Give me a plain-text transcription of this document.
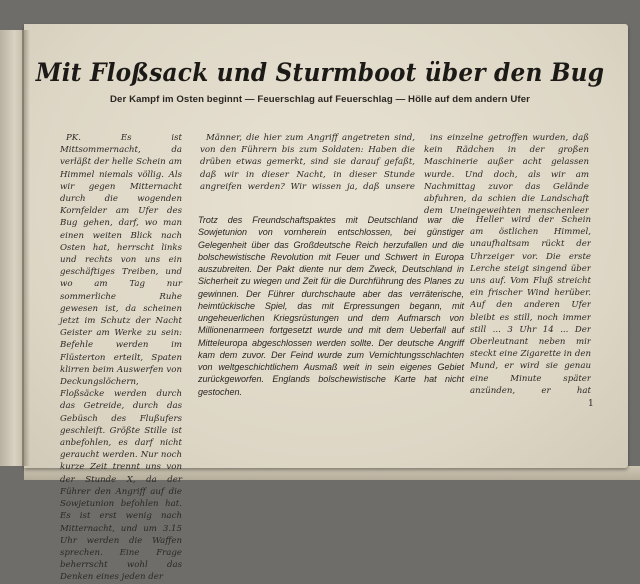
Mit Floßsack und Sturmboot über den Bug
Der Kampf im Osten beginnt — Feuerschlag auf Feuerschlag — Hölle auf dem andern Ufer

PK. Es ist Mittsommernacht, da verläßt der helle Schein am Himmel niemals völlig. Als wir gegen Mitternacht durch die wogenden Kornfelder am Ufer des Bug gehen, darf, wo man einen weiten Blick nach Osten hat, herrscht links und rechts von uns ein geschäftiges Treiben, und wo am Tag nur sommerliche Ruhe gewesen ist, da scheinen jetzt im Schutz der Nacht Geister am Werke zu sein: Befehle werden im Flüsterton erteilt, Spaten klirren beim Auswerfen von Deckungslöchern, Floßsäcke werden durch das Getreide, durch das Gebüsch des Flußufers geschleift. Größte Stille ist anbefohlen, es darf nicht geraucht werden. Nur noch kurze Zeit trennt uns von der Stunde X, da der Führer den Angriff auf die Sowjetunion befohlen hat. Es ist erst wenig nach Mitternacht, und um 3.15 Uhr werden die Waffen sprechen. Eine Frage beherrscht wohl das Denken eines jeden der

Männer, die hier zum Angriff angetreten sind, von den Führern bis zum Soldaten: Haben die drüben etwas gemerkt, sind sie darauf gefaßt, daß wir in dieser Nacht, in dieser Stunde angreifen werden? Wir wissen ja, daß unsere

ins einzelne getroffen wurden, daß kein Rädchen in der großen Maschinerie außer acht gelassen wurde. Und doch, als wir am Nachmittag zuvor das Gelände abfuhren, da schien die Landschaft dem Uneingeweihten menschenleer

Trotz des Freundschaftspaktes mit Deutschland war die Sowjetunion von vornherein entschlossen, bei günstiger Gelegenheit über das Großdeutsche Reich herzufallen und die bolschewistische Revolution mit Feuer und Schwert in Europa auszubreiten. Der Pakt diente nur dem Zweck, Deutschland in Sicherheit zu wiegen und Zeit für die Durchführung des Planes zu gewinnen. Der Führer durchschaute aber das verräterische, heimtückische Spiel, das mit Erpressungen begann, mit ungeheuerlichen Kriegsrüstungen und dem Aufmarsch von Millionenarmeen fortgesetzt wurde und mit dem Ueberfall auf Mitteleuropa abgeschlossen werden sollte. Der deutsche Angriff kam dem zuvor. Der Feind wurde zum Vernichtungsschlachten von weltgeschichtlichem Ausmaß weit in sein eigenes Gebiet zurückgeworfen. Englands bolschewistische Karte hat nicht gestochen.

Heller wird der Schein am östlichen Himmel, unaufhaltsam rückt der Uhrzeiger vor. Die erste Lerche steigt singend über uns auf. Vom Fluß streicht ein frischer Wind herüber. Auf den anderen Ufer bleibt es still, noch immer still ... 3 Uhr 14 ... Der Oberleutnant neben mir steckt eine Zigarette in den Mund, er wird sie genau eine Minute später anzünden, er hat

1
